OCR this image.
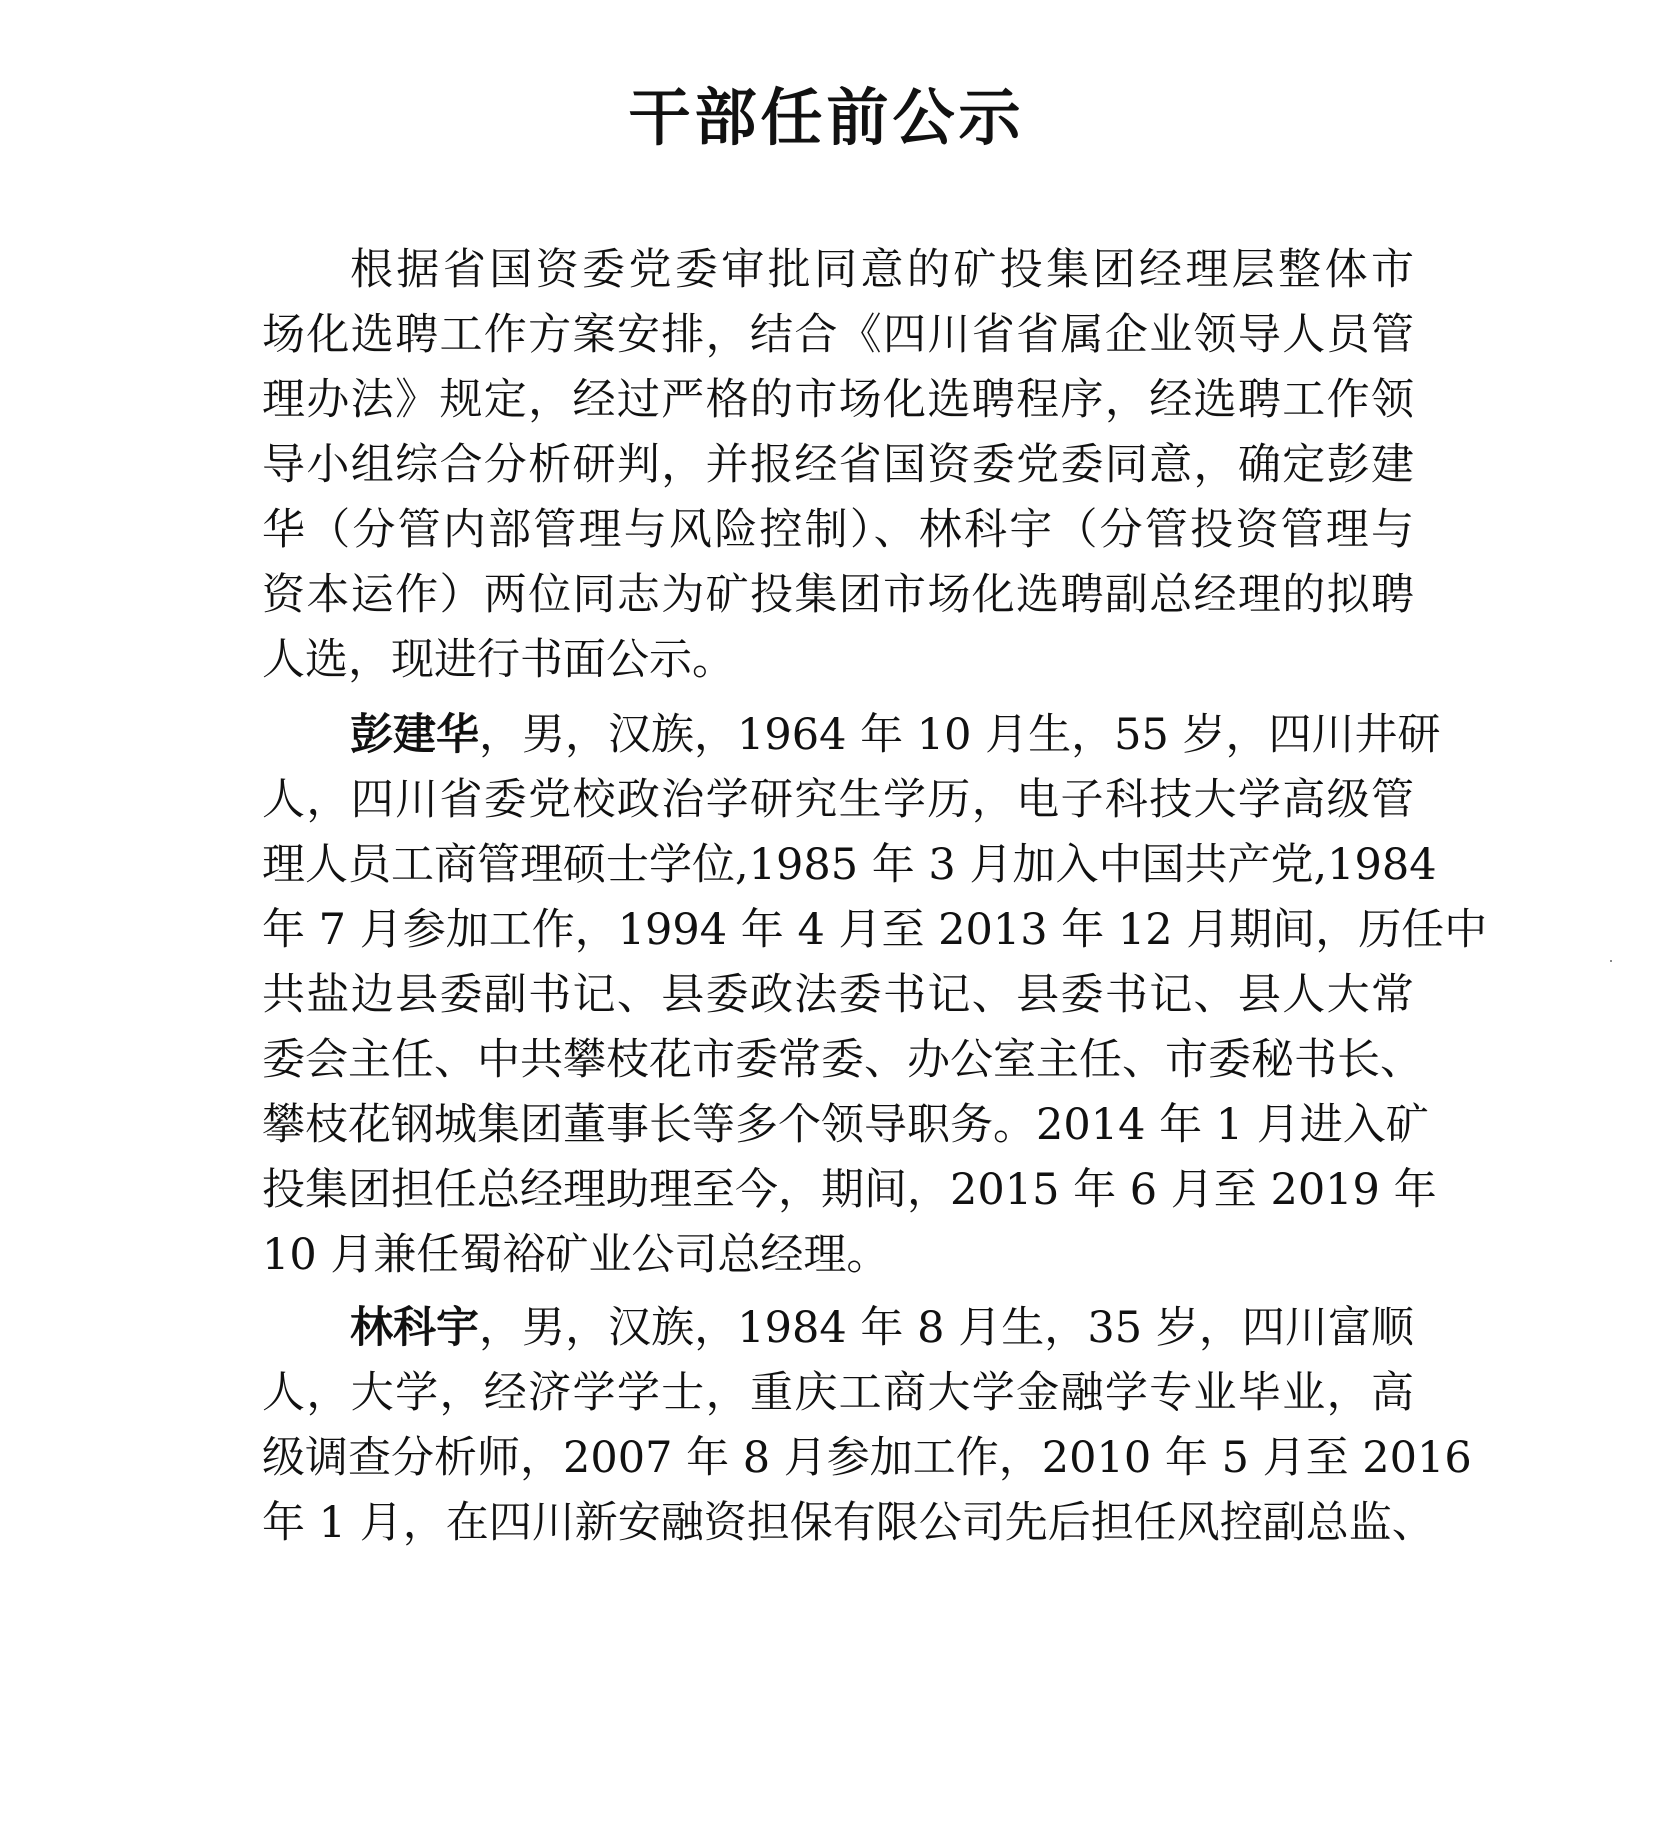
干部任前公示
根据省国资委党委审批同意的矿投集团经理层整体市
场化选聘工作方案安排，结合《四川省省属企业领导人员管
理办法》规定，经过严格的市场化选聘程序，经选聘工作领
导小组综合分析研判，并报经省国资委党委同意，确定彭建
华（分管内部管理与风险控制）、林科宇（分管投资管理与
资本运作）两位同志为矿投集团市场化选聘副总经理的拟聘
人选，现进行书面公示。
彭建华 ，男，汉族，1964 年 10 月生，55 岁，四川井研
人，四川省委党校政治学研究生学历，电子科技大学高级管
理人员工商管理硕士学位,1985 年 3 月加入中国共产党,1984
年 7 月参加工作，1994 年 4 月至 2013 年 12 月期间，历任中
共盐边县委副书记、县委政法委书记、县委书记、县人大常
委会主任、中共攀枝花市委常委、办公室主任、市委秘书长、
攀枝花钢城集团董事长等多个领导职务。2014 年 1 月进入矿
投集团担任总经理助理至今，期间，2015 年 6 月至 2019 年
10 月兼任蜀裕矿业公司总经理。
林科宇 ，男，汉族，1984 年 8 月生，35 岁，四川富顺
人，大学，经济学学士，重庆工商大学金融学专业毕业，高
级调查分析师，2007 年 8 月参加工作，2010 年 5 月至 2016
年 1 月，在四川新安融资担保有限公司先后担任风控副总监、
